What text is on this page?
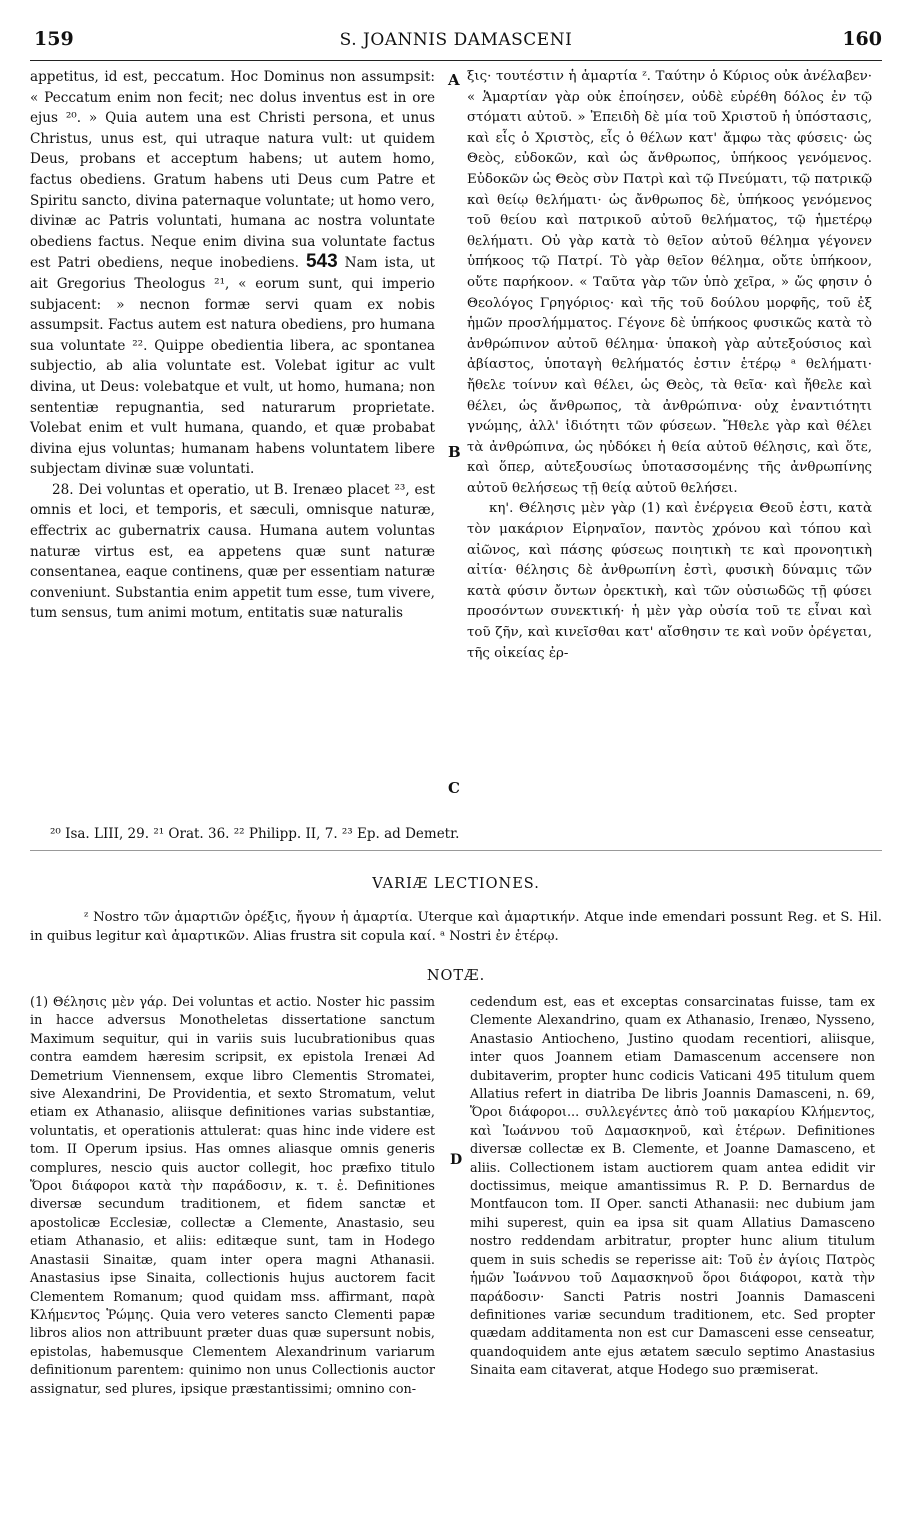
159	S. JOANNIS DAMASCENI	160

appetitus, id est, peccatum. Hoc Dominus non assumpsit: « Peccatum enim non fecit; nec dolus inventus est in ore ejus ²⁰. » Quia autem una est Christi persona, et unus Christus, unus est, qui utraque natura vult: ut quidem Deus, probans et acceptum habens; ut autem homo, factus obediens. Gratum habens uti Deus cum Patre et Spiritu sancto, divina paternaque voluntate; ut homo vero, divinæ ac Patris voluntati, humana ac nostra voluntate obediens factus. Neque enim divina sua voluntate factus est Patri obediens, neque inobediens. 543 Nam ista, ut ait Gregorius Theologus ²¹, « eorum sunt, qui imperio subjacent: » necnon formæ servi quam ex nobis assumpsit. Factus autem est natura obediens, pro humana sua voluntate ²². Quippe obedientia libera, ac spontanea subjectio, ab alia voluntate est. Volebat igitur ac vult divina, ut Deus: volebatque et vult, ut homo, humana; non sententiæ repugnantia, sed naturarum proprietate. Volebat enim et vult humana, quando, et quæ probabat divina ejus voluntas; humanam habens voluntatem libere subjectam divinæ suæ voluntati.

28. Dei voluntas et operatio, ut B. Irenæo placet ²³, est omnis et loci, et temporis, et sæculi, omnisque naturæ, effectrix ac gubernatrix causa. Humana autem voluntas naturæ virtus est, ea appetens quæ sunt naturæ consentanea, eaque continens, quæ per essentiam naturæ conveniunt. Substantia enim appetit tum esse, tum vivere, tum sensus, tum animi motum, entitatis suæ naturalis

A
B
C

ξις· τουτέστιν ἡ ἁμαρτία ᶻ. Ταύτην ὁ Κύριος οὐκ ἀνέλαβεν· « Ἁμαρτίαν γὰρ οὐκ ἐποίησεν, οὐδὲ εὑρέθη δόλος ἐν τῷ στόματι αὐτοῦ. » Ἐπειδὴ δὲ μία τοῦ Χριστοῦ ἡ ὑπόστασις, καὶ εἷς ὁ Χριστὸς, εἷς ὁ θέλων κατ' ἄμφω τὰς φύσεις· ὡς Θεὸς, εὐδοκῶν, καὶ ὡς ἄνθρωπος, ὑπήκοος γενόμενος. Εὐδοκῶν ὡς Θεὸς σὺν Πατρὶ καὶ τῷ Πνεύματι, τῷ πατρικῷ καὶ θείῳ θελήματι· ὡς ἄνθρωπος δὲ, ὑπήκοος γενόμενος τοῦ θείου καὶ πατρικοῦ αὐτοῦ θελήματος, τῷ ἡμετέρῳ θελήματι. Οὐ γὰρ κατὰ τὸ θεῖον αὐτοῦ θέλημα γέγονεν ὑπήκοος τῷ Πατρί. Τὸ γὰρ θεῖον θέλημα, οὔτε ὑπήκοον, οὔτε παρήκοον. « Ταῦτα γὰρ τῶν ὑπὸ χεῖρα, » ὥς φησιν ὁ Θεολόγος Γρηγόριος· καὶ τῆς τοῦ δούλου μορφῆς, τοῦ ἐξ ἡμῶν προσλήμματος. Γέγονε δὲ ὑπήκοος φυσικῶς κατὰ τὸ ἀνθρώπινον αὐτοῦ θέλημα· ὑπακοὴ γὰρ αὐτεξούσιος καὶ ἀβίαστος, ὑποταγὴ θελήματός ἐστιν ἑτέρῳ ᵃ θελήματι· ἤθελε τοίνυν καὶ θέλει, ὡς Θεὸς, τὰ θεῖα· καὶ ἤθελε καὶ θέλει, ὡς ἄνθρωπος, τὰ ἀνθρώπινα· οὐχ ἐναντιότητι γνώμης, ἀλλ' ἰδιότητι τῶν φύσεων. Ἤθελε γὰρ καὶ θέλει τὰ ἀνθρώπινα, ὡς ηὐδόκει ἡ θεία αὐτοῦ θέλησις, καὶ ὅτε, καὶ ὅπερ, αὐτεξουσίως ὑποτασσομένης τῆς ἀνθρωπίνης αὐτοῦ θελήσεως τῇ θείᾳ αὐτοῦ θελήσει.

κη'. Θέλησις μὲν γὰρ (1) καὶ ἐνέργεια Θεοῦ ἐστι, κατὰ τὸν μακάριον Εἰρηναῖον, παντὸς χρόνου καὶ τόπου καὶ αἰῶνος, καὶ πάσης φύσεως ποιητικὴ τε καὶ προνοητικὴ αἰτία· θέλησις δὲ ἀνθρωπίνη ἐστὶ, φυσικὴ δύναμις τῶν κατὰ φύσιν ὄντων ὀρεκτικὴ, καὶ τῶν οὐσιωδῶς τῇ φύσει προσόντων συνεκτική· ἡ μὲν γὰρ οὐσία τοῦ τε εἶναι καὶ τοῦ ζῆν, καὶ κινεῖσθαι κατ' αἴσθησιν τε καὶ νοῦν ὀρέγεται, τῆς οἰκείας ἐρ-

²⁰ Isa. LIII, 29. ²¹ Orat. 36. ²² Philipp. II, 7. ²³ Ep. ad Demetr.
VARIÆ LECTIONES.
ᶻ Nostro τῶν ἁμαρτιῶν ὀρέξις, ἤγουν ἡ ἁμαρτία. Uterque καὶ ἁμαρτικήν. Atque inde emendari possunt Reg. et S. Hil. in quibus legitur καὶ ἁμαρτικῶν. Alias frustra sit copula καί. ᵃ Nostri ἐν ἑτέρῳ.
NOTÆ.
(1) Θέλησις μὲν γάρ. Dei voluntas et actio. Noster hic passim in hacce adversus Monotheletas dissertatione sanctum Maximum sequitur, qui in variis suis lucubrationibus quas contra eamdem hæresim scripsit, ex epistola Irenæi Ad Demetrium Viennensem, exque libro Clementis Stromatei, sive Alexandrini, De Providentia, et sexto Stromatum, velut etiam ex Athanasio, aliisque definitiones varias substantiæ, voluntatis, et operationis attulerat: quas hinc inde videre est tom. II Operum ipsius. Has omnes aliasque omnis generis complures, nescio quis auctor collegit, hoc præfixo titulo Ὅροι διάφοροι κατὰ τὴν παράδοσιν, κ. τ. ἑ. Definitiones diversæ secundum traditionem, et fidem sanctæ et apostolicæ Ecclesiæ, collectæ a Clemente, Anastasio, seu etiam Athanasio, et aliis: editæque sunt, tam in Hodego Anastasii Sinaitæ, quam inter opera magni Athanasii. Anastasius ipse Sinaita, collectionis hujus auctorem facit Clementem Romanum; quod quidam mss. affirmant, παρὰ Κλήμεντος Ῥώμης. Quia vero veteres sancto Clementi papæ libros alios non attribuunt præter duas quæ supersunt nobis, epistolas, habemusque Clementem Alexandrinum variarum definitionum parentem: quinimo non unus Collectionis auctor assignatur, sed plures, ipsique præstantissimi; omnino con-
D
cedendum est, eas et exceptas consarcinatas fuisse, tam ex Clemente Alexandrino, quam ex Athanasio, Irenæo, Nysseno, Anastasio Antiocheno, Justino quodam recentiori, aliisque, inter quos Joannem etiam Damascenum accensere non dubitaverim, propter hunc codicis Vaticani 495 titulum quem Allatius refert in diatriba De libris Joannis Damasceni, n. 69, Ὅροι διάφοροι... συλλεγέντες ἀπὸ τοῦ μακαρίου Κλήμεντος, καὶ Ἰωάννου τοῦ Δαμασκηνοῦ, καὶ ἑτέρων. Definitiones diversæ collectæ ex B. Clemente, et Joanne Damasceno, et aliis. Collectionem istam auctiorem quam antea edidit vir doctissimus, meique amantissimus R. P. D. Bernardus de Montfaucon tom. II Oper. sancti Athanasii: nec dubium jam mihi superest, quin ea ipsa sit quam Allatius Damasceno nostro reddendam arbitratur, propter hunc alium titulum quem in suis schedis se reperisse ait: Τοῦ ἐν ἁγίοις Πατρὸς ἡμῶν Ἰωάννου τοῦ Δαμασκηνοῦ ὅροι διάφοροι, κατὰ τὴν παράδοσιν· Sancti Patris nostri Joannis Damasceni definitiones variæ secundum traditionem, etc. Sed propter quædam additamenta non est cur Damasceni esse censeatur, quandoquidem ante ejus ætatem sæculo septimo Anastasius Sinaita eam citaverat, atque Hodego suo præmiserat.
